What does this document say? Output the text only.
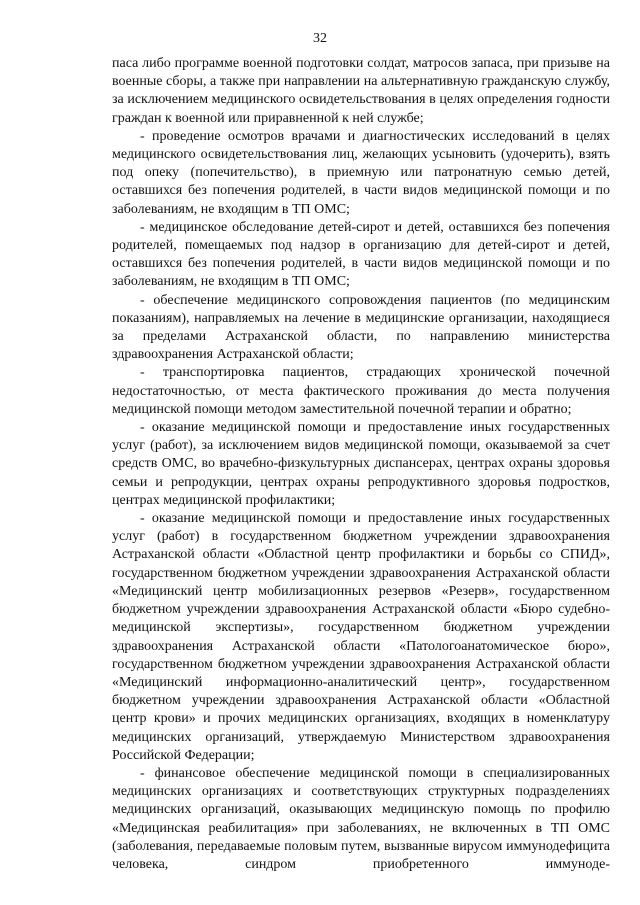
32

паса либо программе военной подготовки солдат, матросов запаса, при призыве на военные сборы, а также при направлении на альтернативную гражданскую службу, за исключением медицинского освидетельствования в целях определения годности граждан к военной или приравненной к ней службе;

- проведение осмотров врачами и диагностических исследований в целях медицинского освидетельствования лиц, желающих усыновить (удочерить), взять под опеку (попечительство), в приемную или патронатную семью детей, оставшихся без попечения родителей, в части видов медицинской помощи и по заболеваниям, не входящим в ТП ОМС;

- медицинское обследование детей-сирот и детей, оставшихся без попечения родителей, помещаемых под надзор в организацию для детей-сирот и детей, оставшихся без попечения родителей, в части видов медицинской помощи и по заболеваниям, не входящим в ТП ОМС;

- обеспечение медицинского сопровождения пациентов (по медицинским показаниям), направляемых на лечение в медицинские организации, находящиеся за пределами Астраханской области, по направлению министерства здравоохранения Астраханской области;

- транспортировка пациентов, страдающих хронической почечной недостаточностью, от места фактического проживания до места получения медицинской помощи методом заместительной почечной терапии и обратно;

- оказание медицинской помощи и предоставление иных государственных услуг (работ), за исключением видов медицинской помощи, оказываемой за счет средств ОМС, во врачебно-физкультурных диспансерах, центрах охраны здоровья семьи и репродукции, центрах охраны репродуктивного здоровья подростков, центрах медицинской профилактики;

- оказание медицинской помощи и предоставление иных государственных услуг (работ) в государственном бюджетном учреждении здравоохранения Астраханской области «Областной центр профилактики и борьбы со СПИД», государственном бюджетном учреждении здравоохранения Астраханской области «Медицинский центр мобилизационных резервов «Резерв», государственном бюджетном учреждении здравоохранения Астраханской области «Бюро судебно-медицинской экспертизы», государственном бюджетном учреждении здравоохранения Астраханской области «Патологоанатомическое бюро», государственном бюджетном учреждении здравоохранения Астраханской области «Медицинский информационно-аналитический центр», государственном бюджетном учреждении здравоохранения Астраханской области «Областной центр крови» и прочих медицинских организациях, входящих в номенклатуру медицинских организаций, утверждаемую Министерством здравоохранения Российской Федерации;

- финансовое обеспечение медицинской помощи в специализированных медицинских организациях и соответствующих структурных подразделениях медицинских организаций, оказывающих медицинскую помощь по профилю «Медицинская реабилитация» при заболеваниях, не включенных в ТП ОМС (заболевания, передаваемые половым путем, вызванные вирусом иммунодефицита человека, синдром приобретенного иммуноде-
